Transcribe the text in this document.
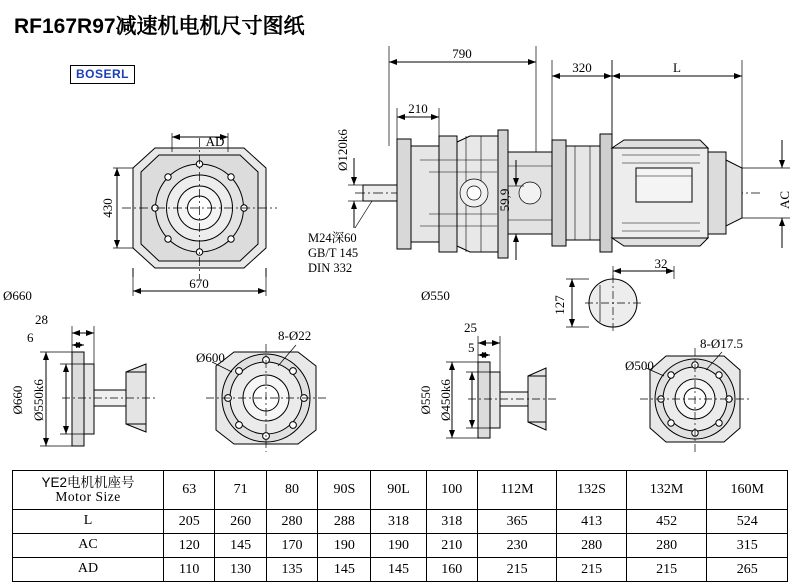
RF167R97减速机电机尺寸图纸
BOSERL
790
320	L
210
Ø120k6
59,9	AC
32
127
AD
430
670
Ø660	Ø550
28
6
Ø660 Ø550k6
Ø600
8-Ø22
25
5
Ø550 Ø450k6
Ø500
8-Ø17.5
M24深60
GB/T 145
DIN 332
YE2电机机座号
Motor Size	63	71	80	90S	90L	100	112M	132S	132M	160M
L	205	260	280	288	318	318	365	413	452	524
AC	120	145	170	190	190	210	230	280	280	315
AD	110	130	135	145	145	160	215	215	215	265
